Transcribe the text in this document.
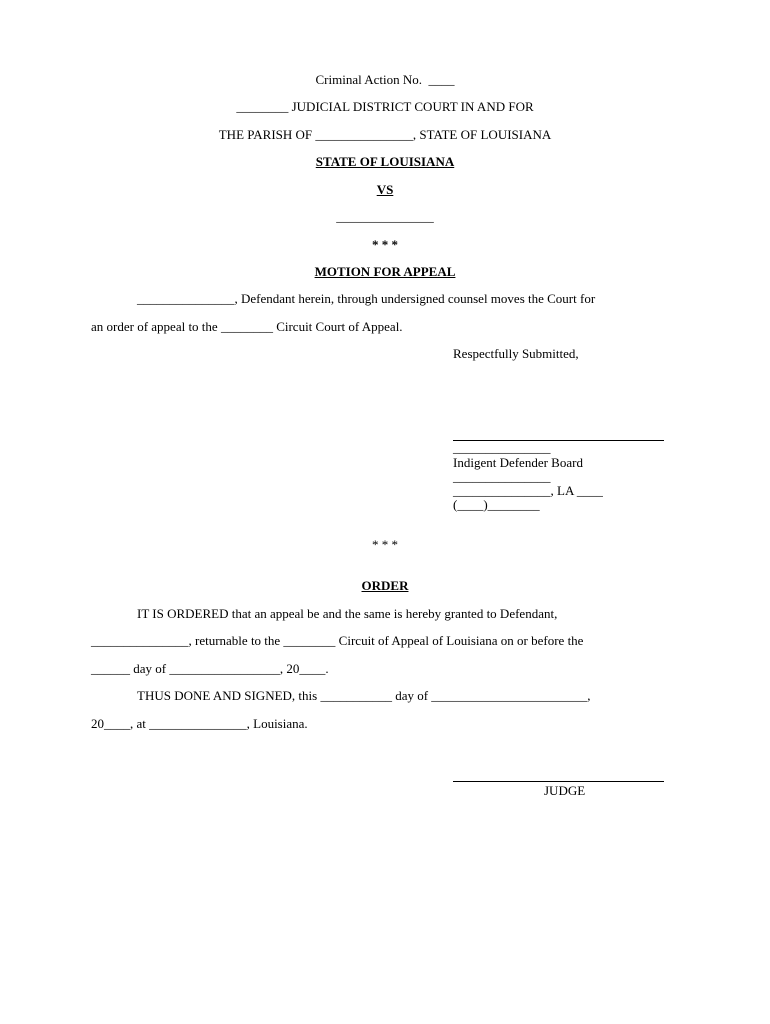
Criminal Action No.  ____
________ JUDICIAL DISTRICT COURT IN AND FOR
THE PARISH OF _______________, STATE OF LOUISIANA
STATE OF LOUISIANA
VS
_______________
* * *
MOTION FOR APPEAL
_______________, Defendant herein, through undersigned counsel moves the Court for
an order of appeal to the ________ Circuit Court of Appeal.
Respectfully Submitted,
_______________
Indigent Defender Board
_______________
_______________, LA ____
(____)________
* * *
ORDER
IT IS ORDERED that an appeal be and the same is hereby granted to Defendant,
_______________, returnable to the ________ Circuit of Appeal of Louisiana on or before the
______ day of _________________, 20____.
THUS DONE AND SIGNED, this ___________ day of ________________________,
20____, at _______________, Louisiana.
JUDGE
